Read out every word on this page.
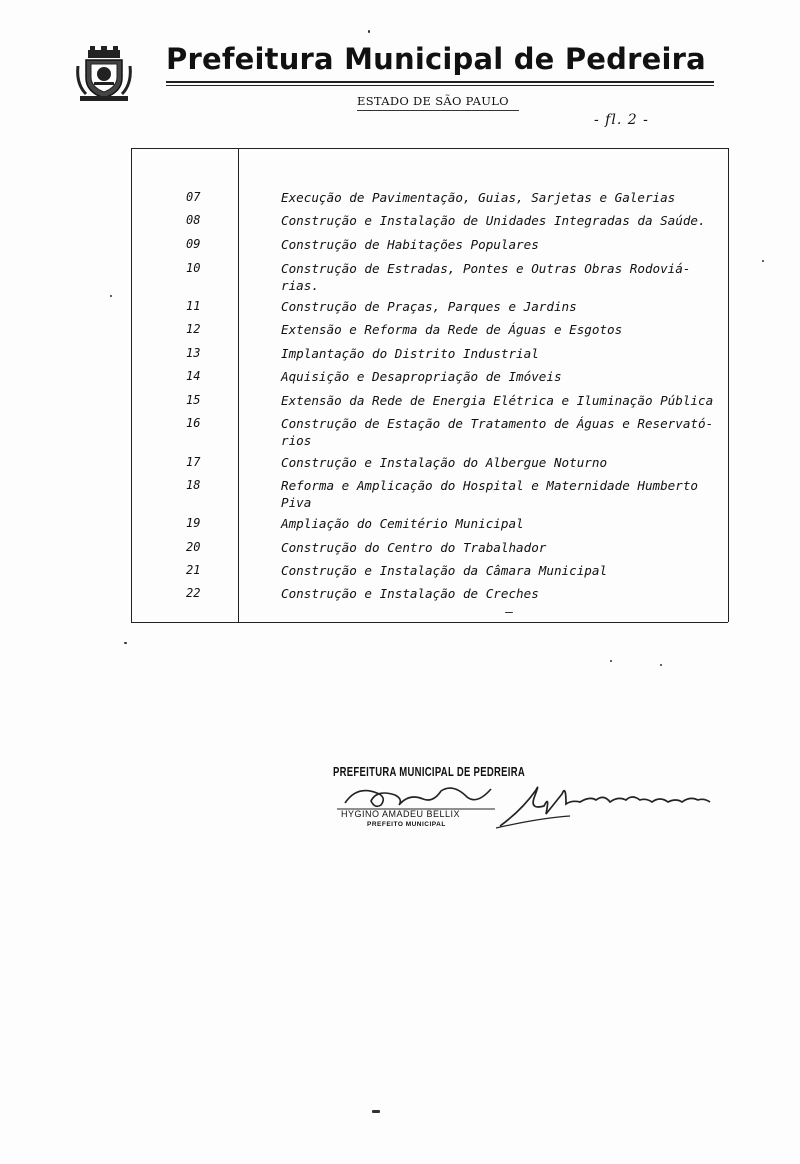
Prefeitura Municipal de Pedreira
ESTADO DE SÃO PAULO
- fl. 2 -
07	Execução de Pavimentação, Guias, Sarjetas e Galerias
08	Construção e Instalação de Unidades Integradas da Saúde.
09	Construção de Habitações Populares
10	Construção de Estradas, Pontes e Outras Obras Rodoviá-
rias.
11	Construção de Praças, Parques e Jardins
12	Extensão e Reforma da Rede de Águas e Esgotos
13	Implantação do Distrito Industrial
14	Aquisição e Desapropriação de Imóveis
15	Extensão da Rede de Energia Elétrica e Iluminação Pública
16	Construção de Estação de Tratamento de Águas e Reservató-
rios
17	Construção e Instalação do Albergue Noturno
18	Reforma e Amplicação do Hospital e Maternidade Humberto
Piva
19	Ampliação do Cemitério Municipal
20	Construção do Centro do Trabalhador
21	Construção e Instalação da Câmara Municipal
22	Construção e Instalação de Creches
PREFEITURA MUNICIPAL DE PEDREIRA
HYGINO AMADEU BELLIX
PREFEITO MUNICIPAL
